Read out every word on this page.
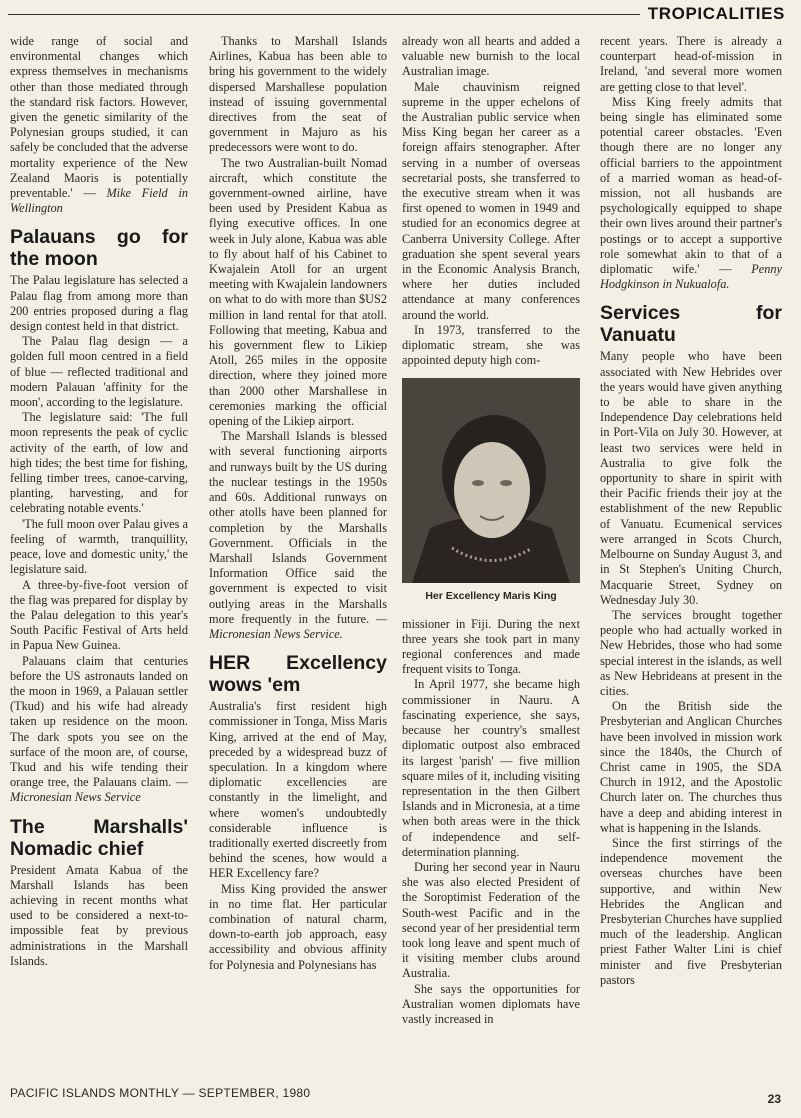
TROPICALITIES

wide range of social and environmental changes which express themselves in mechanisms other than those mediated through the standard risk factors. However, given the genetic similarity of the Polynesian groups studied, it can safely be concluded that the adverse mortality experience of the New Zealand Maoris is potentially preventable.' — Mike Field in Wellington

Palauans go for the moon

The Palau legislature has selected a Palau flag from among more than 200 entries proposed during a flag design contest held in that district.

The Palau flag design — a golden full moon centred in a field of blue — reflected traditional and modern Palauan 'affinity for the moon', according to the legislature.

The legislature said: 'The full moon represents the peak of cyclic activity of the earth, of low and high tides; the best time for fishing, felling timber trees, canoe-carving, planting, harvesting, and for celebrating notable events.'

'The full moon over Palau gives a feeling of warmth, tranquillity, peace, love and domestic unity,' the legislature said.

A three-by-five-foot version of the flag was prepared for display by the Palau delegation to this year's South Pacific Festival of Arts held in Papua New Guinea.

Palauans claim that centuries before the US astronauts landed on the moon in 1969, a Palauan settler (Tkud) and his wife had already taken up residence on the moon. The dark spots you see on the surface of the moon are, of course, Tkud and his wife tending their orange tree, the Palauans claim. — Micronesian News Service

The Marshalls' Nomadic chief

President Amata Kabua of the Marshall Islands has been achieving in recent months what used to be considered a next-to-impossible feat by previous administrations in the Marshall Islands.

Thanks to Marshall Islands Airlines, Kabua has been able to bring his government to the widely dispersed Marshallese population instead of issuing governmental directives from the seat of government in Majuro as his predecessors were wont to do.

The two Australian-built Nomad aircraft, which constitute the government-owned airline, have been used by President Kabua as flying executive offices. In one week in July alone, Kabua was able to fly about half of his Cabinet to Kwajalein Atoll for an urgent meeting with Kwajalein landowners on what to do with more than $US2 million in land rental for that atoll. Following that meeting, Kabua and his government flew to Likiep Atoll, 265 miles in the opposite direction, where they joined more than 2000 other Marshallese in ceremonies marking the official opening of the Likiep airport.

The Marshall Islands is blessed with several functioning airports and runways built by the US during the nuclear testings in the 1950s and 60s. Additional runways on other atolls have been planned for completion by the Marshalls Government. Officials in the Marshall Islands Government Information Office said the government is expected to visit outlying areas in the Marshalls more frequently in the future. — Micronesian News Service.

HER Excellency wows 'em

Australia's first resident high commissioner in Tonga, Miss Maris King, arrived at the end of May, preceded by a widespread buzz of speculation. In a kingdom where diplomatic excellencies are constantly in the limelight, and where women's undoubtedly considerable influence is traditionally exerted discreetly from behind the scenes, how would a HER Excellency fare?

Miss King provided the answer in no time flat. Her particular combination of natural charm, down-to-earth job approach, easy accessibility and obvious affinity for Polynesia and Polynesians has

already won all hearts and added a valuable new burnish to the local Australian image.

Male chauvinism reigned supreme in the upper echelons of the Australian public service when Miss King began her career as a foreign affairs stenographer. After serving in a number of overseas secretarial posts, she transferred to the executive stream when it was first opened to women in 1949 and studied for an economics degree at Canberra University College. After graduation she spent several years in the Economic Analysis Branch, where her duties included attendance at many conferences around the world.

In 1973, transferred to the diplomatic stream, she was appointed deputy high com-

Her Excellency Maris King

missioner in Fiji. During the next three years she took part in many regional conferences and made frequent visits to Tonga.

In April 1977, she became high commissioner in Nauru. A fascinating experience, she says, because her country's smallest diplomatic outpost also embraced its largest 'parish' — five million square miles of it, including visiting representation in the then Gilbert Islands and in Micronesia, at a time when both areas were in the thick of independence and self-determination planning.

During her second year in Nauru she was also elected President of the Soroptimist Federation of the South-west Pacific and in the second year of her presidential term took long leave and spent much of it visiting member clubs around Australia.

She says the opportunities for Australian women diplomats have vastly increased in

recent years. There is already a counterpart head-of-mission in Ireland, 'and several more women are getting close to that level'.

Miss King freely admits that being single has eliminated some potential career obstacles. 'Even though there are no longer any official barriers to the appointment of a married woman as head-of-mission, not all husbands are psychologically equipped to shape their own lives around their partner's postings or to accept a supportive role somewhat akin to that of a diplomatic wife.' — Penny Hodgkinson in Nukualofa.

Services for Vanuatu

Many people who have been associated with New Hebrides over the years would have given anything to be able to share in the Independence Day celebrations held in Port-Vila on July 30. However, at least two services were held in Australia to give folk the opportunity to share in spirit with their Pacific friends their joy at the establishment of the new Republic of Vanuatu. Ecumenical services were arranged in Scots Church, Melbourne on Sunday August 3, and in St Stephen's Uniting Church, Macquarie Street, Sydney on Wednesday July 30.

The services brought together people who had actually worked in New Hebrides, those who had some special interest in the islands, as well as New Hebrideans at present in the cities.

On the British side the Presbyterian and Anglican Churches have been involved in mission work since the 1840s, the Church of Christ came in 1905, the SDA Church in 1912, and the Apostolic Church later on. The churches thus have a deep and abiding interest in what is happening in the Islands.

Since the first stirrings of the independence movement the overseas churches have been supportive, and within New Hebrides the Anglican and Presbyterian Churches have supplied much of the leadership. Anglican priest Father Walter Lini is chief minister and five Presbyterian pastors

PACIFIC ISLANDS MONTHLY — SEPTEMBER, 1980	23
